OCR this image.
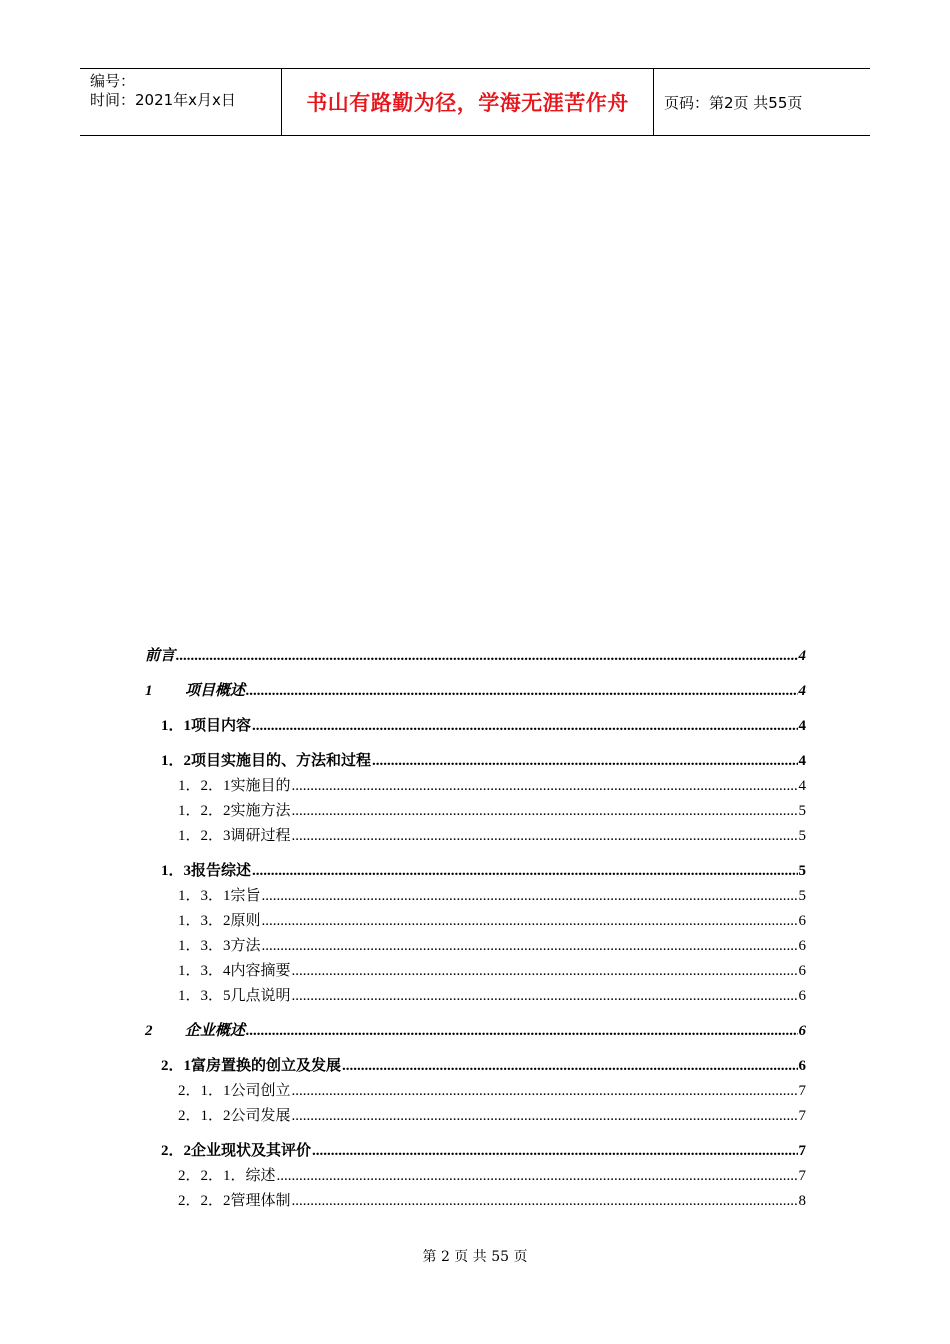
编号：
时间：2021年x月x日	书山有路勤为径，学海无涯苦作舟	页码：第2页 共55页
前言 .....	4
1 项目概述 .....	4
1．1项目内容 .....	4
1．2项目实施目的、方法和过程 .....	4
1．2．1实施目的 .....	4
1．2．2实施方法 .....	5
1．2．3调研过程 .....	5
1．3报告综述 .....	5
1．3．1宗旨 .....	5
1．3．2原则 .....	6
1．3．3方法 .....	6
1．3．4内容摘要 .....	6
1．3．5几点说明 .....	6
2 企业概述 .....	6
2．1富房置换的创立及发展 .....	6
2．1．1公司创立 .....	7
2．1．2公司发展 .....	7
2．2企业现状及其评价 .....	7
2．2．1．综述 .....	7
2．2．2管理体制 .....	8
第 2 页 共 55 页
